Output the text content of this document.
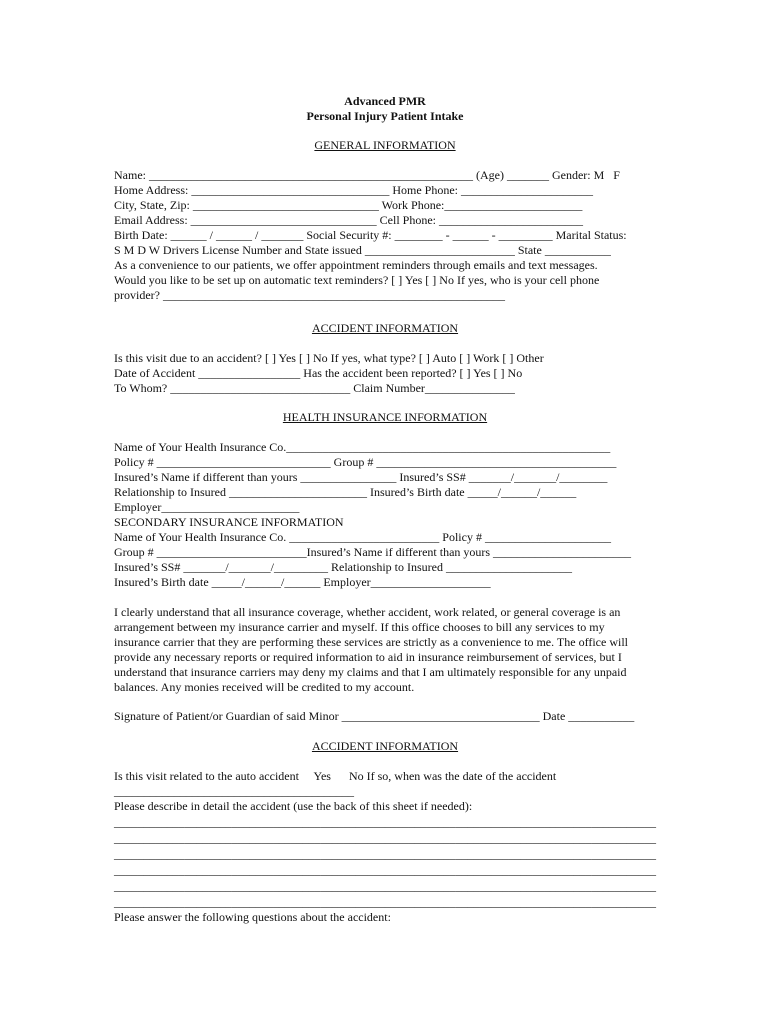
Advanced PMR
Personal Injury Patient Intake
GENERAL INFORMATION
Name: ______________________________________________________ (Age) _______ Gender: M   F
Home Address: _________________________________ Home Phone: ______________________
City, State, Zip: _______________________________ Work Phone:_______________________
Email Address: _______________________________ Cell Phone: ________________________
Birth Date: ______ / ______ / _______ Social Security #: ________ - ______ - _________ Marital Status:
S M D W Drivers License Number and State issued _________________________ State ___________
As a convenience to our patients, we offer appointment reminders through emails and text messages.
Would you like to be set up on automatic text reminders? [ ] Yes [ ] No If yes, who is your cell phone
provider? _________________________________________________________
ACCIDENT INFORMATION
Is this visit due to an accident? [ ] Yes [ ] No If yes, what type? [ ] Auto [ ] Work [ ] Other
Date of Accident _________________ Has the accident been reported? [ ] Yes [ ] No
To Whom? ______________________________ Claim Number_______________
HEALTH INSURANCE INFORMATION
Name of Your Health Insurance Co.______________________________________________________
Policy # _____________________________ Group # ________________________________________
Insured’s Name if different than yours ________________ Insured’s SS# _______/_______/________
Relationship to Insured _______________________ Insured’s Birth date _____/______/______
Employer_______________________
SECONDARY INSURANCE INFORMATION
Name of Your Health Insurance Co. _________________________ Policy # _____________________
Group # _________________________Insured’s Name if different than yours _______________________
Insured’s SS# _______/_______/_________ Relationship to Insured _____________________
Insured’s Birth date _____/______/______ Employer____________________
I clearly understand that all insurance coverage, whether accident, work related, or general coverage is an
arrangement between my insurance carrier and myself. If this office chooses to bill any services to my
insurance carrier that they are performing these services are strictly as a convenience to me. The office will
provide any necessary reports or required information to aid in insurance reimbursement of services, but I
understand that insurance carriers may deny my claims and that I am ultimately responsible for any unpaid
balances. Any monies received will be credited to my account.
Signature of Patient/or Guardian of said Minor _________________________________ Date ___________
ACCIDENT INFORMATION
Is this visit related to the auto accident     Yes      No If so, when was the date of the accident
________________________________________
Please describe in detail the accident (use the back of this sheet if needed):
____________________________________________________________________________________________
____________________________________________________________________________________________
____________________________________________________________________________________________
____________________________________________________________________________________________
____________________________________________________________________________________________
____________________________________________________________________________________________
Please answer the following questions about the accident:
